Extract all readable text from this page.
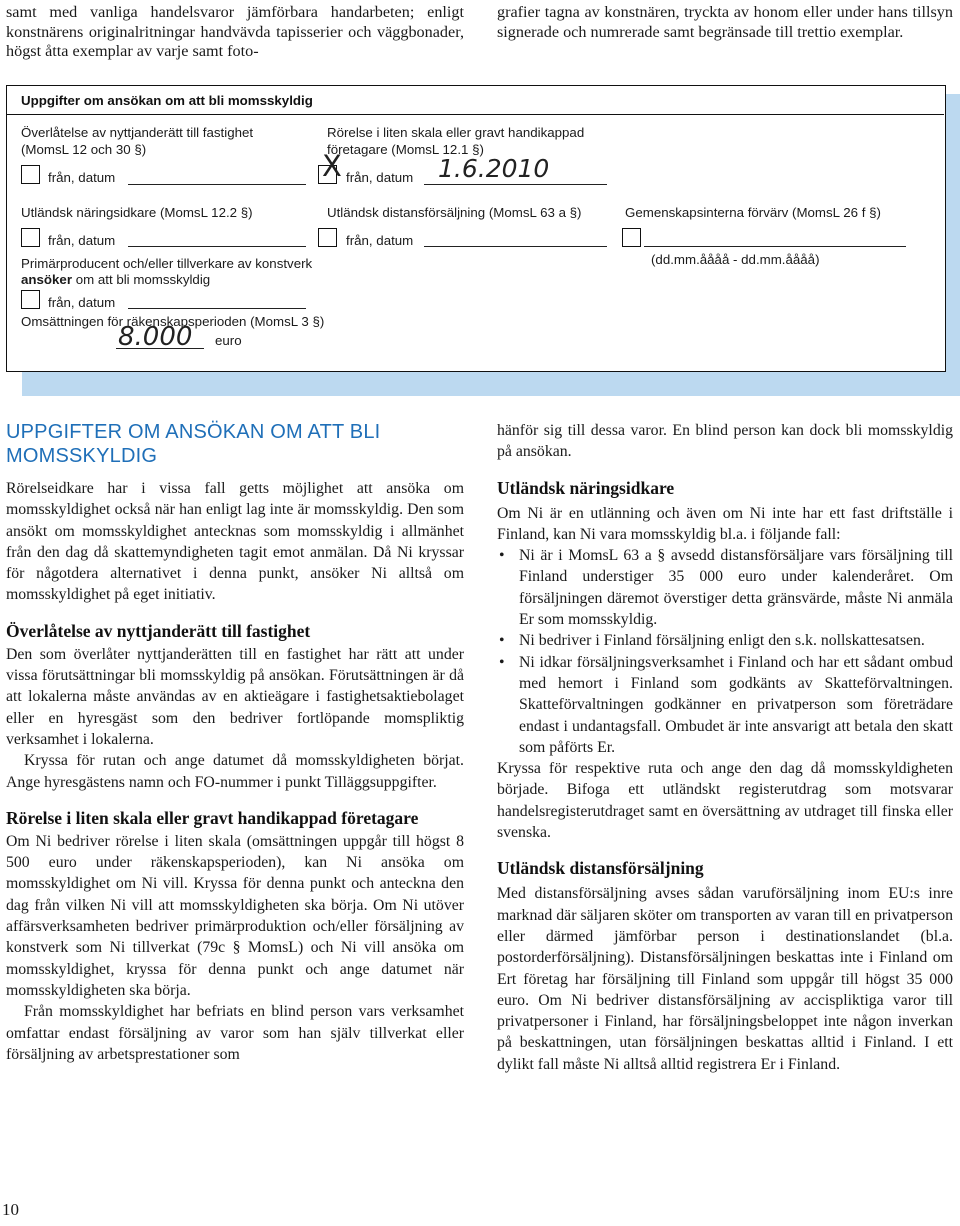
samt med vanliga handelsvaror jämförbara handarbeten; enligt konstnärens originalritningar handvävda tapisserier och väggbonader, högst åtta exemplar av varje samt foto-
grafier tagna av konstnären, tryckta av honom eller under hans tillsyn signerade och numrerade samt begränsade till trettio exemplar.
Uppgifter om ansökan om att bli momsskyldig
Överlåtelse av nyttjanderätt till fastighet
(MomsL 12 och 30 §)
från, datum
Rörelse i liten skala eller gravt handikappad
företagare (MomsL 12.1 §)
X från, datum 1.6.2010
Utländsk näringsidkare (MomsL 12.2 §)
från, datum
Utländsk distansförsäljning (MomsL 63 a §)
från, datum
Gemenskapsinterna förvärv (MomsL 26 f §)
(dd.mm.åååå - dd.mm.åååå)
Primärproducent och/eller tillverkare av konstverk
ansöker om att bli momsskyldig
från, datum
Omsättningen för räkenskapsperioden (MomsL 3 §)
8.000 euro
UPPGIFTER OM ANSÖKAN OM ATT BLI
MOMSSKYLDIG

Rörelseidkare har i vissa fall getts möjlighet att ansöka om momsskyldighet också när han enligt lag inte är momsskyldig. Den som ansökt om momsskyldighet antecknas som momsskyldig i allmänhet från den dag då skattemyndigheten tagit emot anmälan. Då Ni kryssar för någotdera alternativet i denna punkt, ansöker Ni alltså om momsskyldighet på eget initiativ.

Överlåtelse av nyttjanderätt till fastighet

Den som överlåter nyttjanderätten till en fastighet har rätt att under vissa förutsättningar bli momsskyldig på ansökan. Förutsättningen är då att lokalerna måste användas av en aktieägare i fastighetsaktiebolaget eller en hyresgäst som den bedriver fortlöpande momspliktig verksamhet i lokalerna.

Kryssa för rutan och ange datumet då momsskyldigheten börjat. Ange hyresgästens namn och FO-nummer i punkt Tilläggsuppgifter.

Rörelse i liten skala eller gravt handikappad företagare

Om Ni bedriver rörelse i liten skala (omsättningen uppgår till högst 8 500 euro under räkenskapsperioden), kan Ni ansöka om momsskyldighet om Ni vill. Kryssa för denna punkt och anteckna den dag från vilken Ni vill att momsskyldigheten ska börja. Om Ni utöver affärsverksamheten bedriver primärproduktion och/eller försäljning av konstverk som Ni tillverkat (79c § MomsL) och Ni vill ansöka om momsskyldighet, kryssa för denna punkt och ange datumet när momsskyldigheten ska börja.

Från momsskyldighet har befriats en blind person vars verksamhet omfattar endast försäljning av varor som han själv tillverkat eller försäljning av arbetsprestationer som

hänför sig till dessa varor. En blind person kan dock bli momsskyldig på ansökan.

Utländsk näringsidkare

Om Ni är en utlänning och även om Ni inte har ett fast driftställe i Finland, kan Ni vara momsskyldig bl.a. i följande fall:

• Ni är i MomsL 63 a § avsedd distansförsäljare vars försäljning till Finland understiger 35 000 euro under kalenderåret. Om försäljningen däremot överstiger detta gränsvärde, måste Ni anmäla Er som momsskyldig.
• Ni bedriver i Finland försäljning enligt den s.k. nollskattesatsen.
• Ni idkar försäljningsverksamhet i Finland och har ett sådant ombud med hemort i Finland som godkänts av Skatteförvaltningen. Skatteförvaltningen godkänner en privatperson som företrädare endast i undantagsfall. Ombudet är inte ansvarigt att betala den skatt som påförts Er.

Kryssa för respektive ruta och ange den dag då momsskyldigheten började. Bifoga ett utländskt registerutdrag som motsvarar handelsregisterutdraget samt en översättning av utdraget till finska eller svenska.

Utländsk distansförsäljning

Med distansförsäljning avses sådan varuförsäljning inom EU:s inre marknad där säljaren sköter om transporten av varan till en privatperson eller därmed jämförbar person i destinationslandet (bl.a. postorderförsäljning). Distansförsäljningen beskattas inte i Finland om Ert företag har försäljning till Finland som uppgår till högst 35 000 euro. Om Ni bedriver distansförsäljning av accispliktiga varor till privatpersoner i Finland, har försäljningsbeloppet inte någon inverkan på beskattningen, utan försäljningen beskattas alltid i Finland. I ett dylikt fall måste Ni alltså alltid registrera Er i Finland.

10
